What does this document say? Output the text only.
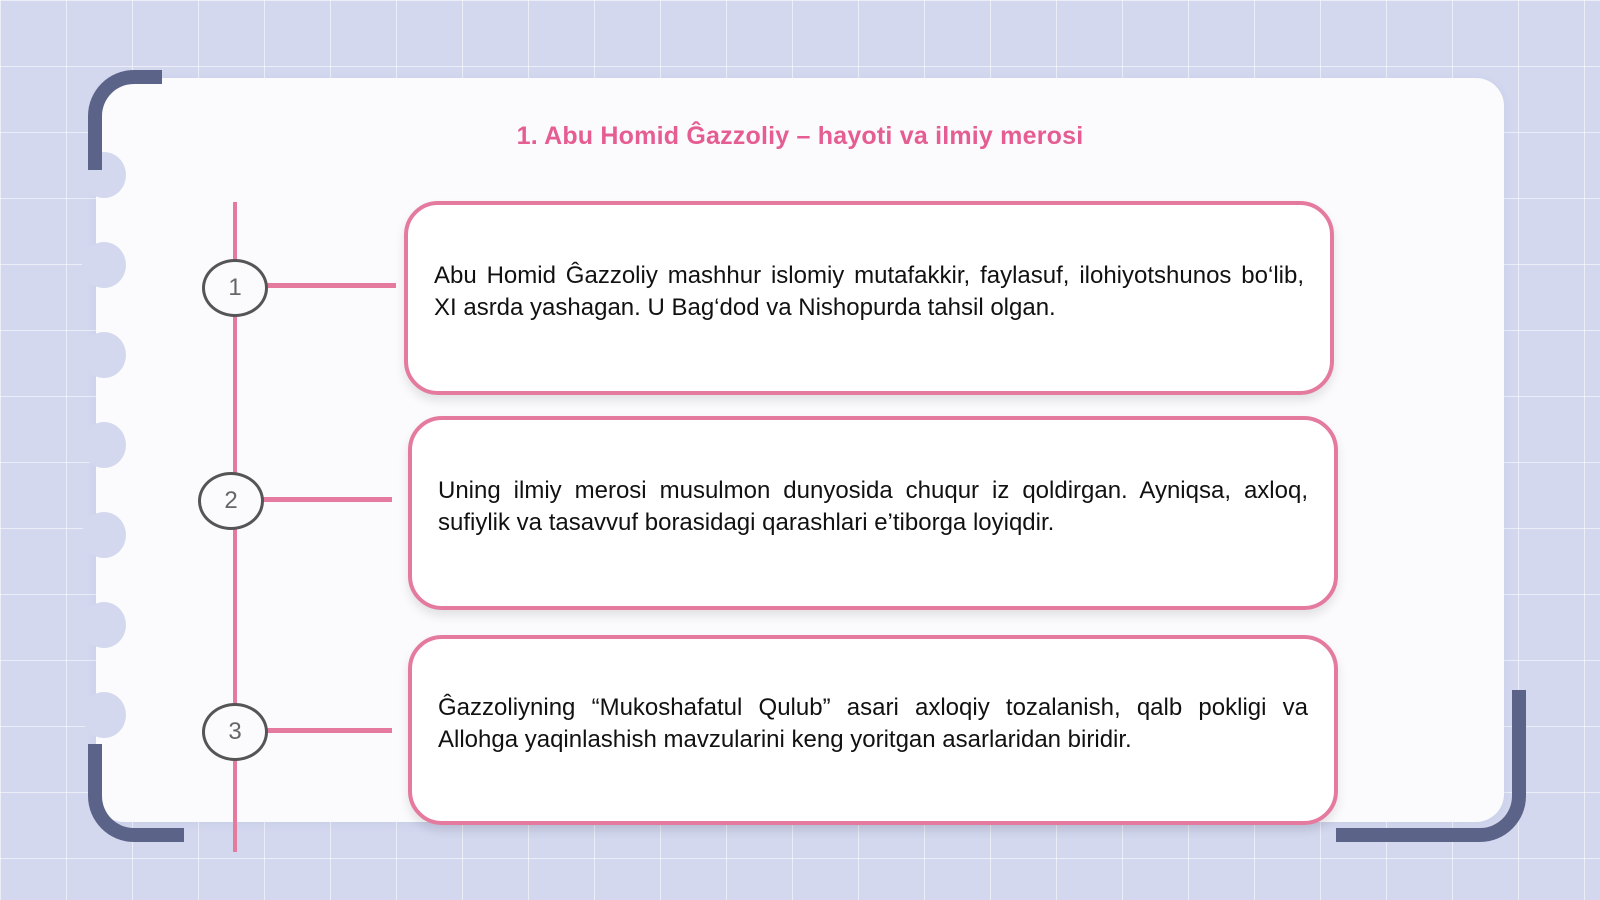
1. Abu Homid Ĝazzoliy – hayoti va ilmiy merosi
1
2
3
Abu Homid Ĝazzoliy mashhur islomiy mutafakkir, faylasuf, ilohiyotshunos bo‘lib, XI asrda yashagan. U Bag‘dod va Nishopurda tahsil olgan.
Uning ilmiy merosi musulmon dunyosida chuqur iz qoldirgan. Ayniqsa, axloq, sufiylik va tasavvuf borasidagi qarashlari e’tiborga loyiqdir.
Ĝazzoliyning “Mukoshafatul Qulub” asari axloqiy tozalanish, qalb pokligi va Allohga yaqinlashish mavzularini keng yoritgan asarlaridan biridir.
